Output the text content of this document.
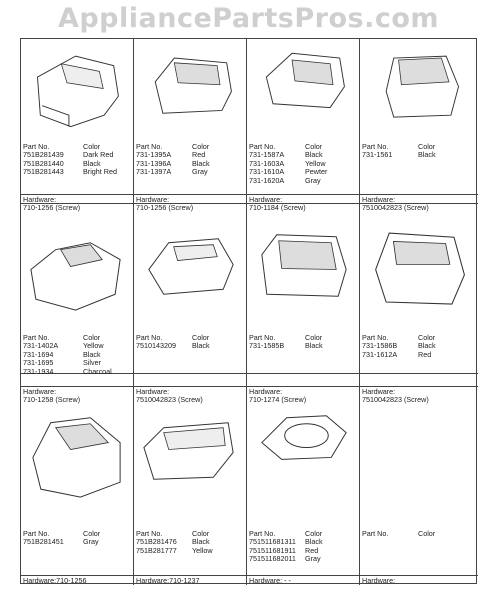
AppliancePartsPros.com
Part No.
751B281439
751B281440
751B281443
Color
Dark Red
Black
Bright Red
Hardware:
710-1256 (Screw)
Part No.
731-1395A
731-1396A
731-1397A
Color
Red
Black
Gray
Hardware:
710-1256 (Screw)
Part No.
731-1587A
731-1603A
731-1610A
731-1620A
Color
Black
Yellow
Pewter
Gray
Hardware:
710-1184 (Screw)
Part No.
731-1561
Color
Black
Hardware:
7510042823 (Screw)
Part No.
731-1402A
731-1694
731-1695
731-1934
Color
Yellow
Black
Silver
Charcoal
Hardware:
710-1258 (Screw)
Part No.
7510143209
Color
Black
Hardware:
7510042823 (Screw)
Part No.
731-1585B
Color
Black
Hardware:
710-1274 (Screw)
Part No.
731-1586B
731-1612A
Color
Black
Red
Hardware:
7510042823 (Screw)
Part No.
751B281451
Color
Gray
Hardware:710-1256
Part No.
751B281476
751B281777
Color
Black
Yellow
Hardware:710-1237
Part No.
751511681311
751511681911
751511682011
Color
Black
Red
Gray
Hardware: - -
Part No.	Color
Hardware:
